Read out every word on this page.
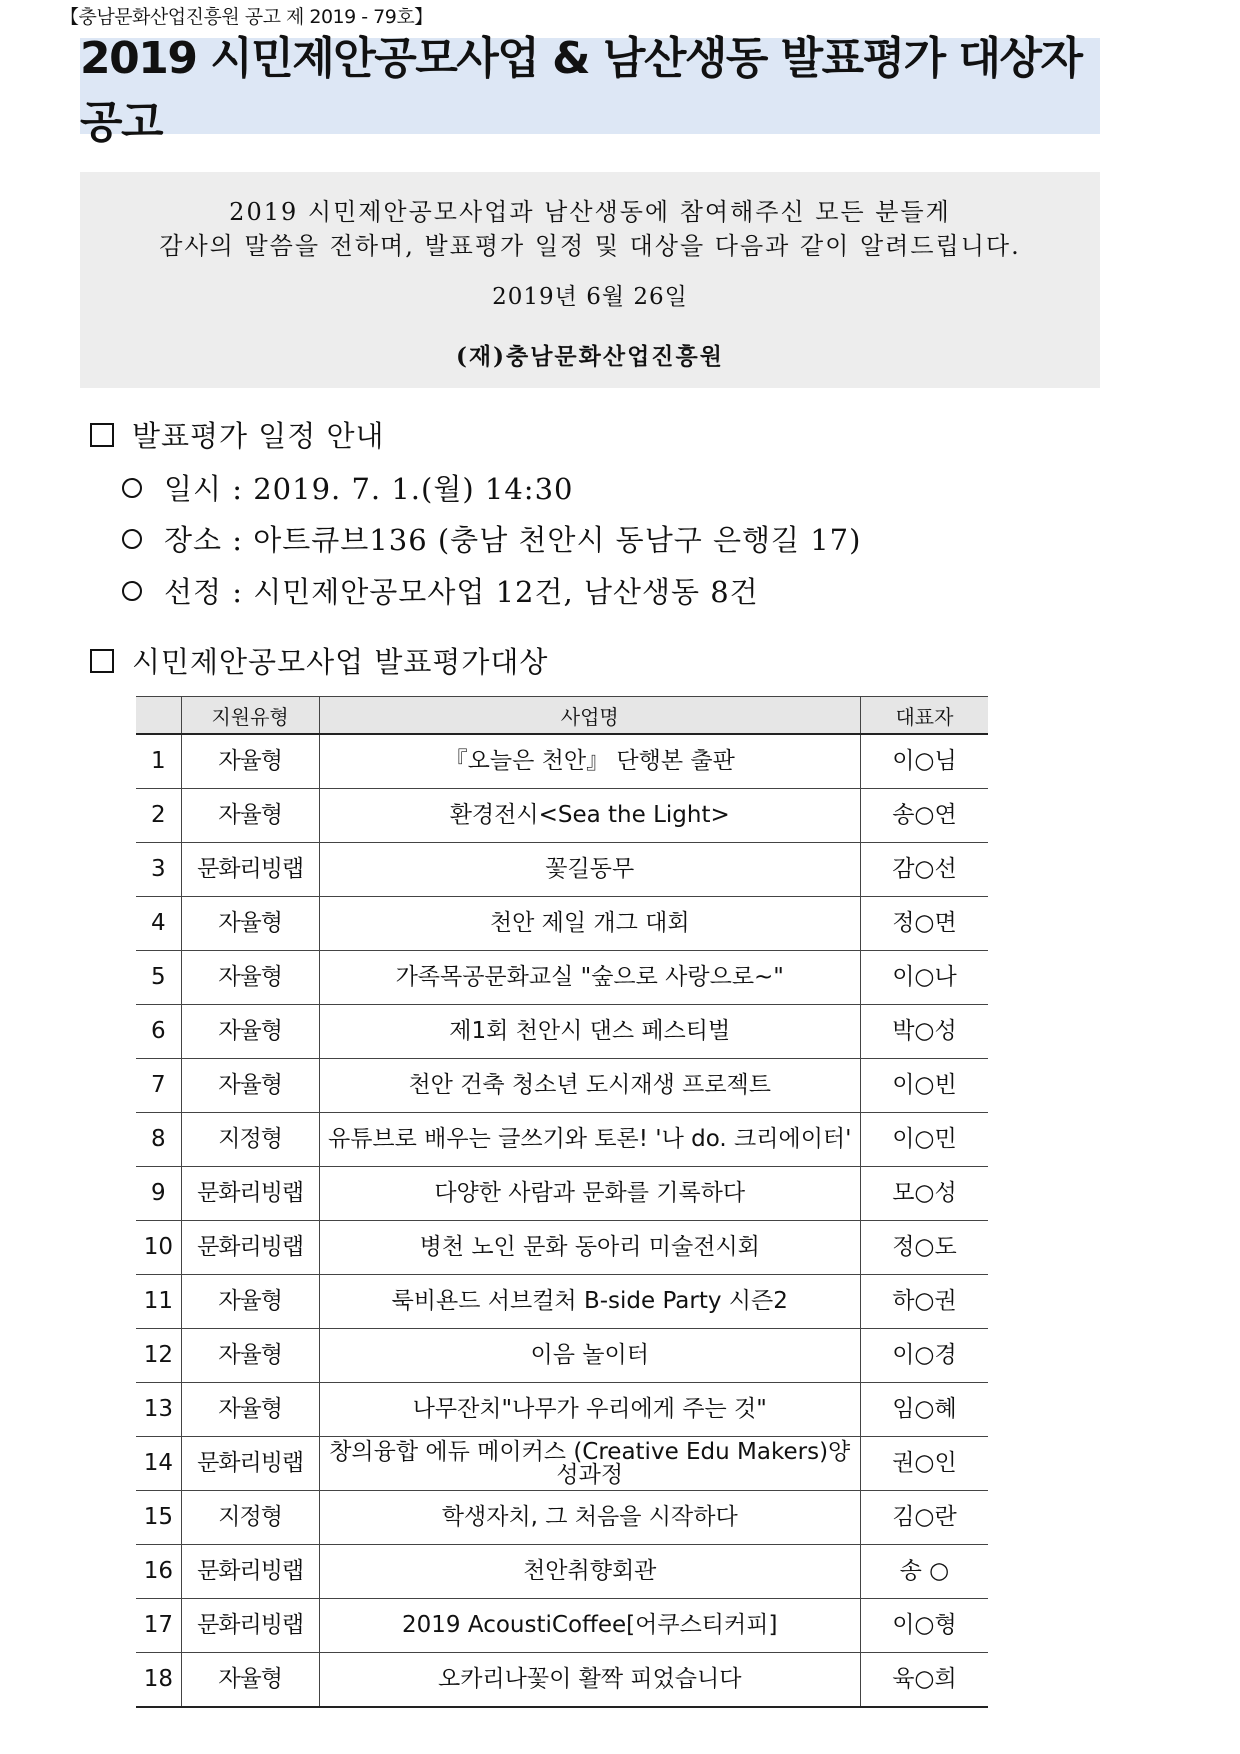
【충남문화산업진흥원 공고 제 2019 - 79호】
2019 시민제안공모사업 & 남산생동 발표평가 대상자 공고
2019 시민제안공모사업과 남산생동에 참여해주신 모든 분들게
감사의 말씀을 전하며, 발표평가 일정 및 대상을 다음과 같이 알려드립니다.
2019년 6월 26일
(재)충남문화산업진흥원
발표평가 일정 안내
일시 : 2019. 7. 1.(월) 14:30
장소 : 아트큐브136 (충남 천안시 동남구 은행길 17)
선정 : 시민제안공모사업 12건, 남산생동 8건
시민제안공모사업 발표평가대상
	지원유형	사업명	대표자
1	자율형	『오늘은 천안』 단행본 출판	이○님
2	자율형	환경전시<Sea the Light>	송○연
3	문화리빙랩	꽃길동무	감○선
4	자율형	천안 제일 개그 대회	정○면
5	자율형	가족목공문화교실 "숲으로 사랑으로~"	이○나
6	자율형	제1회 천안시 댄스 페스티벌	박○성
7	자율형	천안 건축 청소년 도시재생 프로젝트	이○빈
8	지정형	유튜브로 배우는 글쓰기와 토론! '나 do. 크리에이터'	이○민
9	문화리빙랩	다양한 사람과 문화를 기록하다	모○성
10	문화리빙랩	병천 노인 문화 동아리 미술전시회	정○도
11	자율형	룩비욘드 서브컬처 B-side Party 시즌2	하○권
12	자율형	이음 놀이터	이○경
13	자율형	나무잔치"나무가 우리에게 주는 것"	임○혜
14	문화리빙랩	창의융합 에듀 메이커스 (Creative Edu Makers)양성과정	권○인
15	지정형	학생자치, 그 처음을 시작하다	김○란
16	문화리빙랩	천안취향회관	송 ○
17	문화리빙랩	2019 AcoustiCoffee[어쿠스티커피]	이○형
18	자율형	오카리나꽃이 활짝 피었습니다	육○희
